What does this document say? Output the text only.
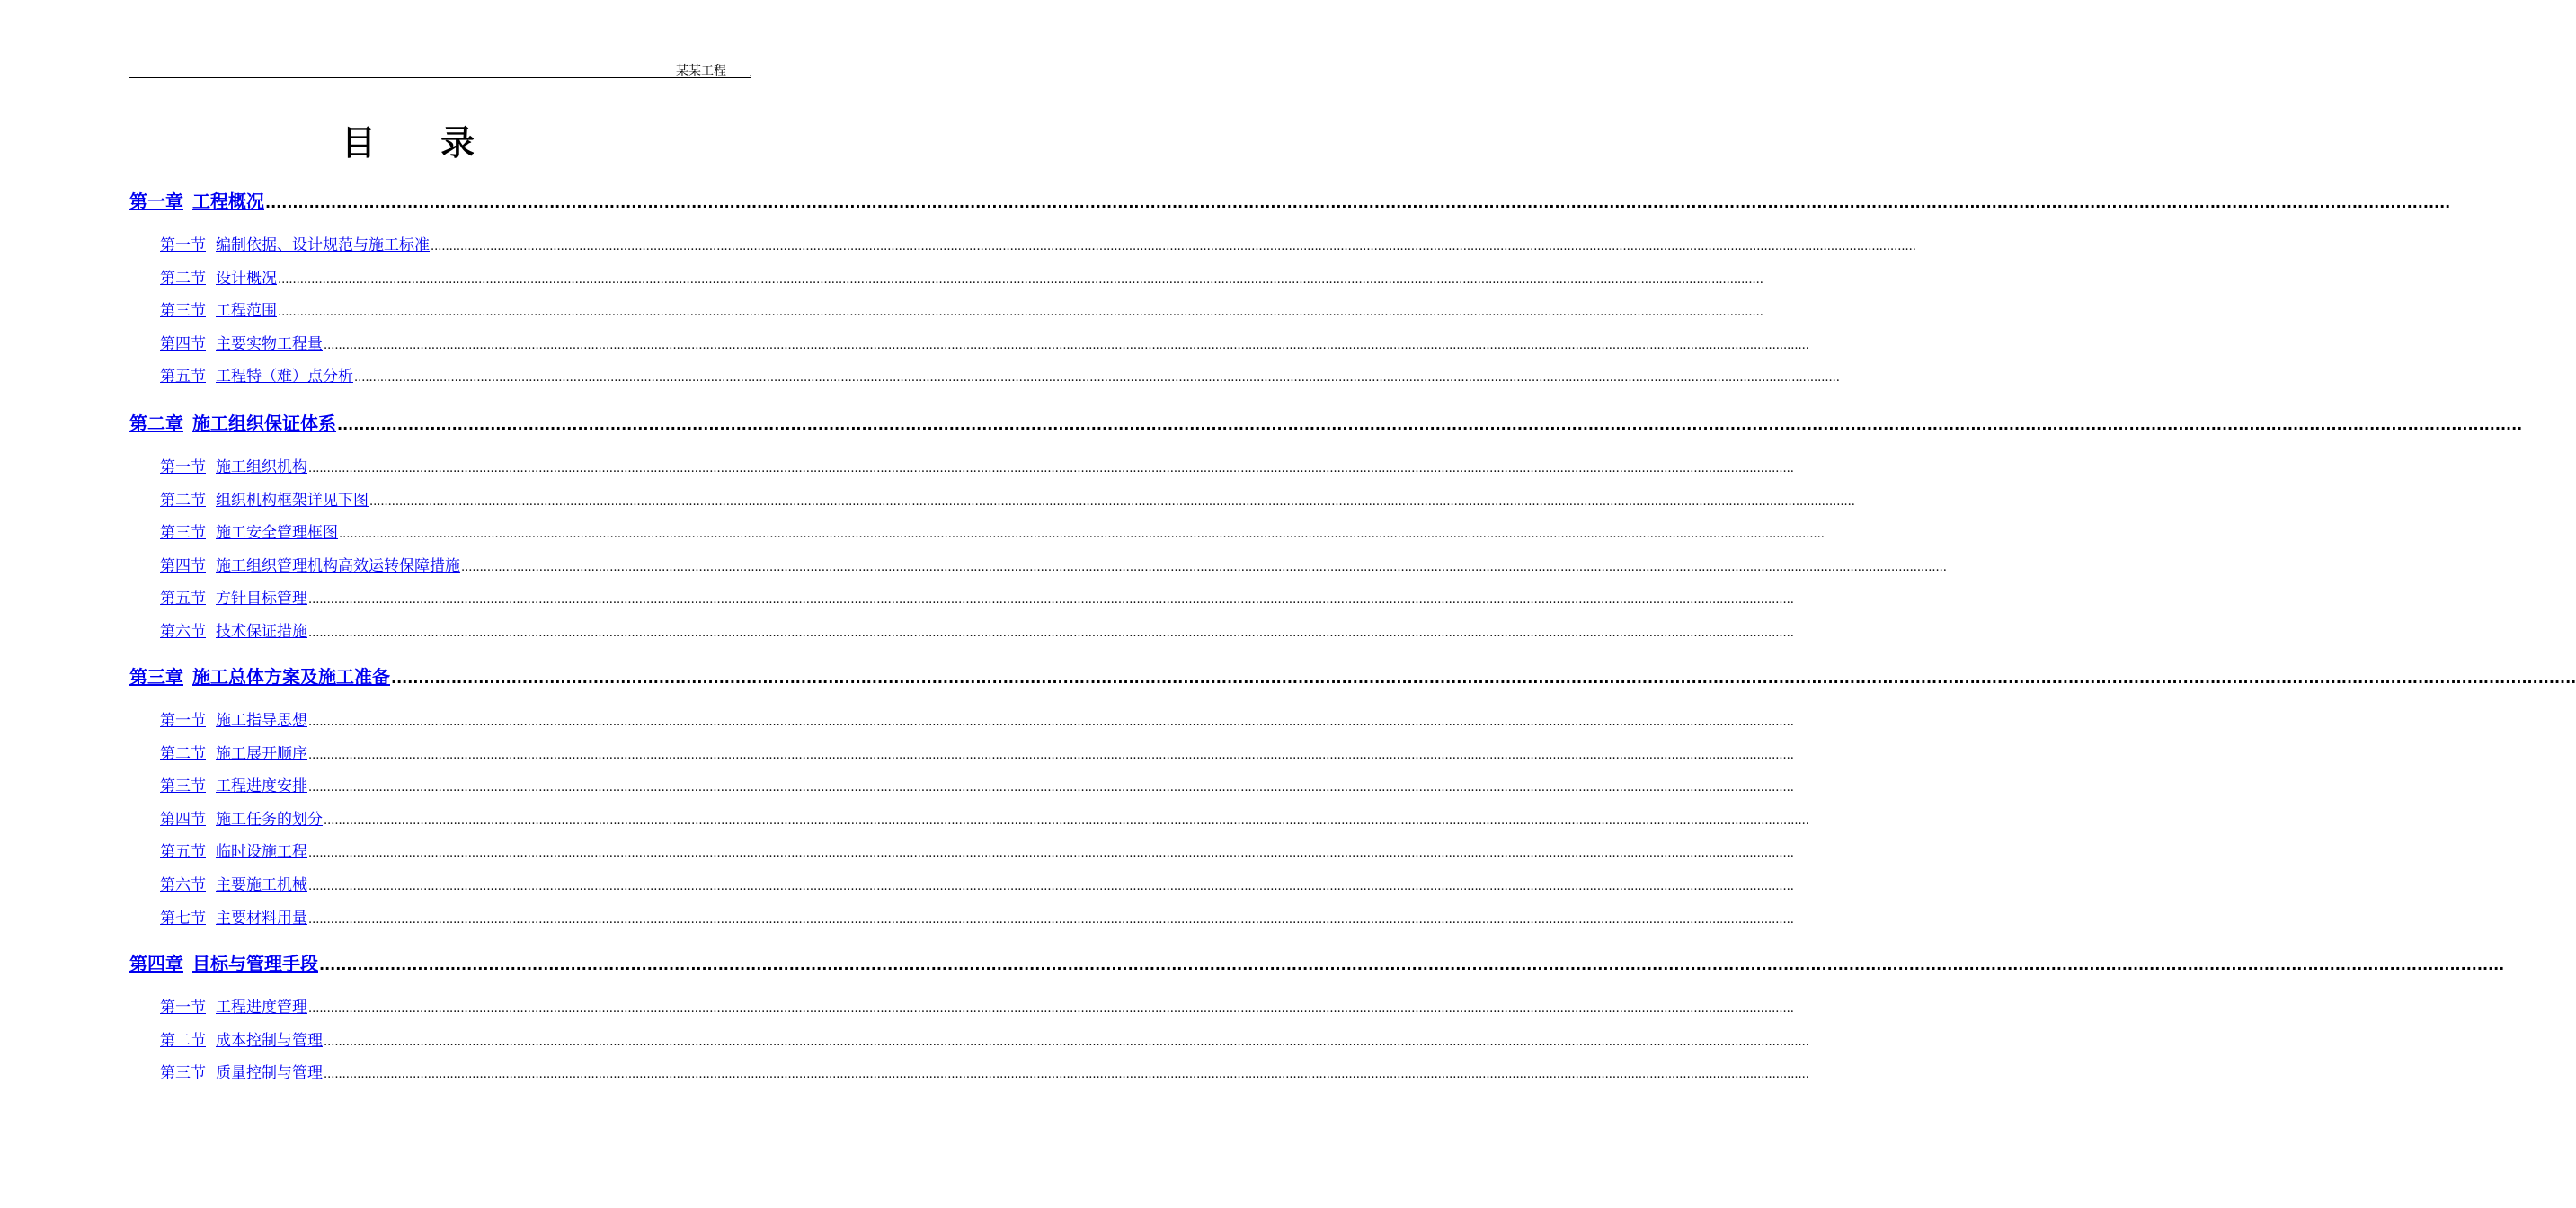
某某工程 .
目录
第一章 工程概况 ................................................................................................................................................................................................................................................................................................................................................................................................................
第一节 编制依据、设计规范与施工标准 ................................................................................................................................................................................................................................................................................................................................................................................................................
第二节 设计概况 ................................................................................................................................................................................................................................................................................................................................................................................................................
第三节 工程范围 ................................................................................................................................................................................................................................................................................................................................................................................................................
第四节 主要实物工程量 ................................................................................................................................................................................................................................................................................................................................................................................................................
第五节 工程特（难）点分析 ................................................................................................................................................................................................................................................................................................................................................................................................................
第二章 施工组织保证体系 ................................................................................................................................................................................................................................................................................................................................................................................................................
第一节 施工组织机构 ................................................................................................................................................................................................................................................................................................................................................................................................................
第二节 组织机构框架详见下图 ................................................................................................................................................................................................................................................................................................................................................................................................................
第三节 施工安全管理框图 ................................................................................................................................................................................................................................................................................................................................................................................................................
第四节 施工组织管理机构高效运转保障措施 ................................................................................................................................................................................................................................................................................................................................................................................................................
第五节 方针目标管理 ................................................................................................................................................................................................................................................................................................................................................................................................................
第六节 技术保证措施 ................................................................................................................................................................................................................................................................................................................................................................................................................
第三章 施工总体方案及施工准备 ................................................................................................................................................................................................................................................................................................................................................................................................................
第一节 施工指导思想 ................................................................................................................................................................................................................................................................................................................................................................................................................
第二节 施工展开顺序 ................................................................................................................................................................................................................................................................................................................................................................................................................
第三节 工程进度安排 ................................................................................................................................................................................................................................................................................................................................................................................................................
第四节 施工任务的划分 ................................................................................................................................................................................................................................................................................................................................................................................................................
第五节 临时设施工程 ................................................................................................................................................................................................................................................................................................................................................................................................................
第六节 主要施工机械 ................................................................................................................................................................................................................................................................................................................................................................................................................
第七节 主要材料用量 ................................................................................................................................................................................................................................................................................................................................................................................................................
第四章 目标与管理手段 ................................................................................................................................................................................................................................................................................................................................................................................................................
第一节 工程进度管理 ................................................................................................................................................................................................................................................................................................................................................................................................................
第二节 成本控制与管理 ................................................................................................................................................................................................................................................................................................................................................................................................................
第三节 质量控制与管理 ................................................................................................................................................................................................................................................................................................................................................................................................................
